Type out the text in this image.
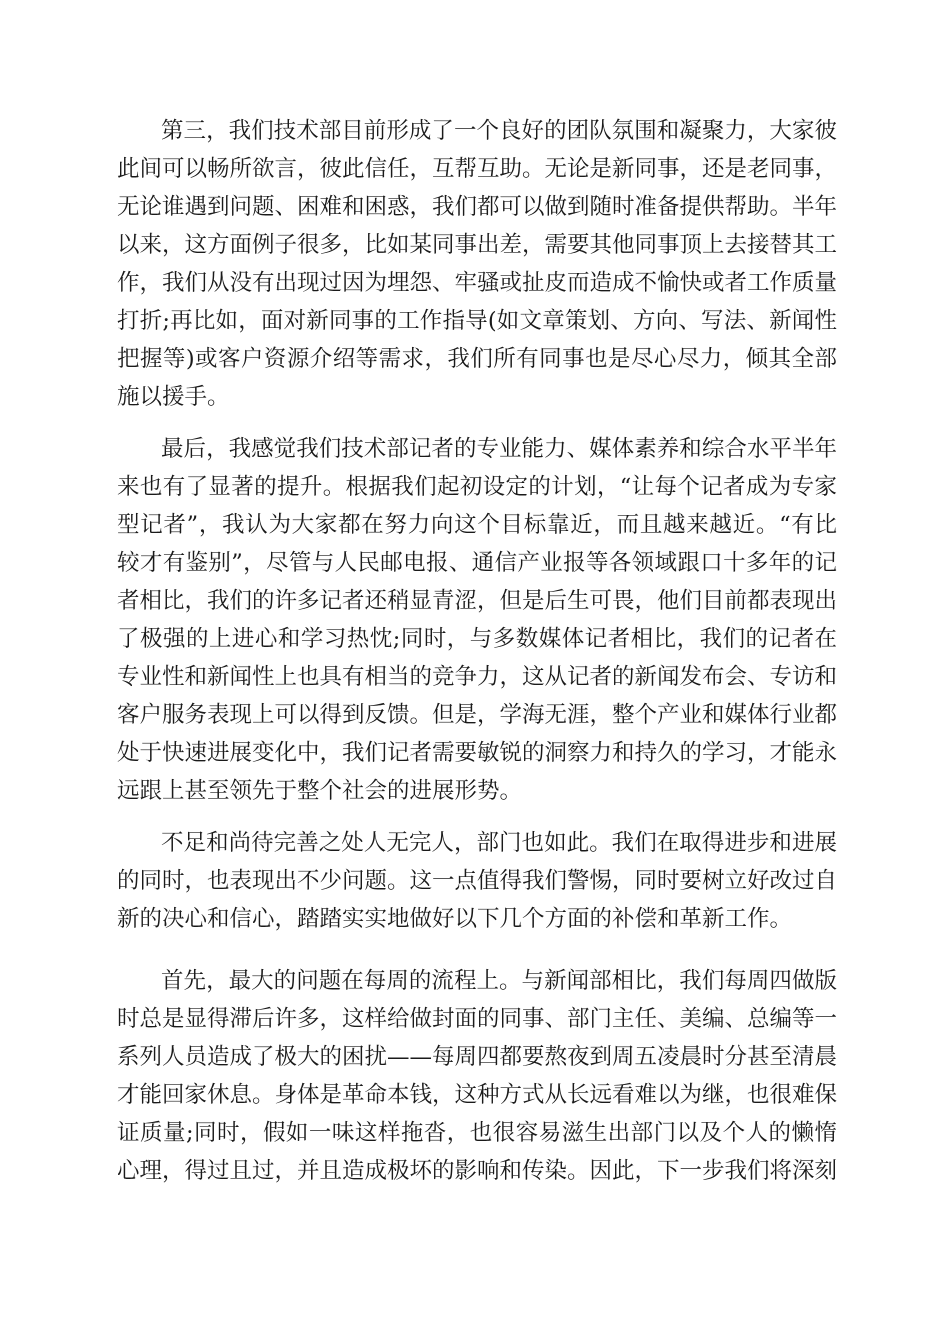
第三，我们技术部目前形成了一个良好的团队氛围和凝聚力，大家彼
此间可以畅所欲言，彼此信任，互帮互助。无论是新同事，还是老同事，
无论谁遇到问题、困难和困惑，我们都可以做到随时准备提供帮助。半年
以来，这方面例子很多，比如某同事出差，需要其他同事顶上去接替其工
作，我们从没有出现过因为埋怨、牢骚或扯皮而造成不愉快或者工作质量
打折;再比如，面对新同事的工作指导(如文章策划、方向、写法、新闻性
把握等)或客户资源介绍等需求，我们所有同事也是尽心尽力，倾其全部
施以援手。
最后，我感觉我们技术部记者的专业能力、媒体素养和综合水平半年
来也有了显著的提升。根据我们起初设定的计划，“让每个记者成为专家
型记者”，我认为大家都在努力向这个目标靠近，而且越来越近。“有比
较才有鉴别”，尽管与人民邮电报、通信产业报等各领域跟口十多年的记
者相比，我们的许多记者还稍显青涩，但是后生可畏，他们目前都表现出
了极强的上进心和学习热忱;同时，与多数媒体记者相比，我们的记者在
专业性和新闻性上也具有相当的竞争力，这从记者的新闻发布会、专访和
客户服务表现上可以得到反馈。但是，学海无涯，整个产业和媒体行业都
处于快速进展变化中，我们记者需要敏锐的洞察力和持久的学习，才能永
远跟上甚至领先于整个社会的进展形势。
不足和尚待完善之处人无完人，部门也如此。我们在取得进步和进展
的同时，也表现出不少问题。这一点值得我们警惕，同时要树立好改过自
新的决心和信心，踏踏实实地做好以下几个方面的补偿和革新工作。
首先，最大的问题在每周的流程上。与新闻部相比，我们每周四做版
时总是显得滞后许多，这样给做封面的同事、部门主任、美编、总编等一
系列人员造成了极大的困扰——每周四都要熬夜到周五凌晨时分甚至清晨
才能回家休息。身体是革命本钱，这种方式从长远看难以为继，也很难保
证质量;同时，假如一味这样拖沓，也很容易滋生出部门以及个人的懒惰
心理，得过且过，并且造成极坏的影响和传染。因此，下一步我们将深刻
